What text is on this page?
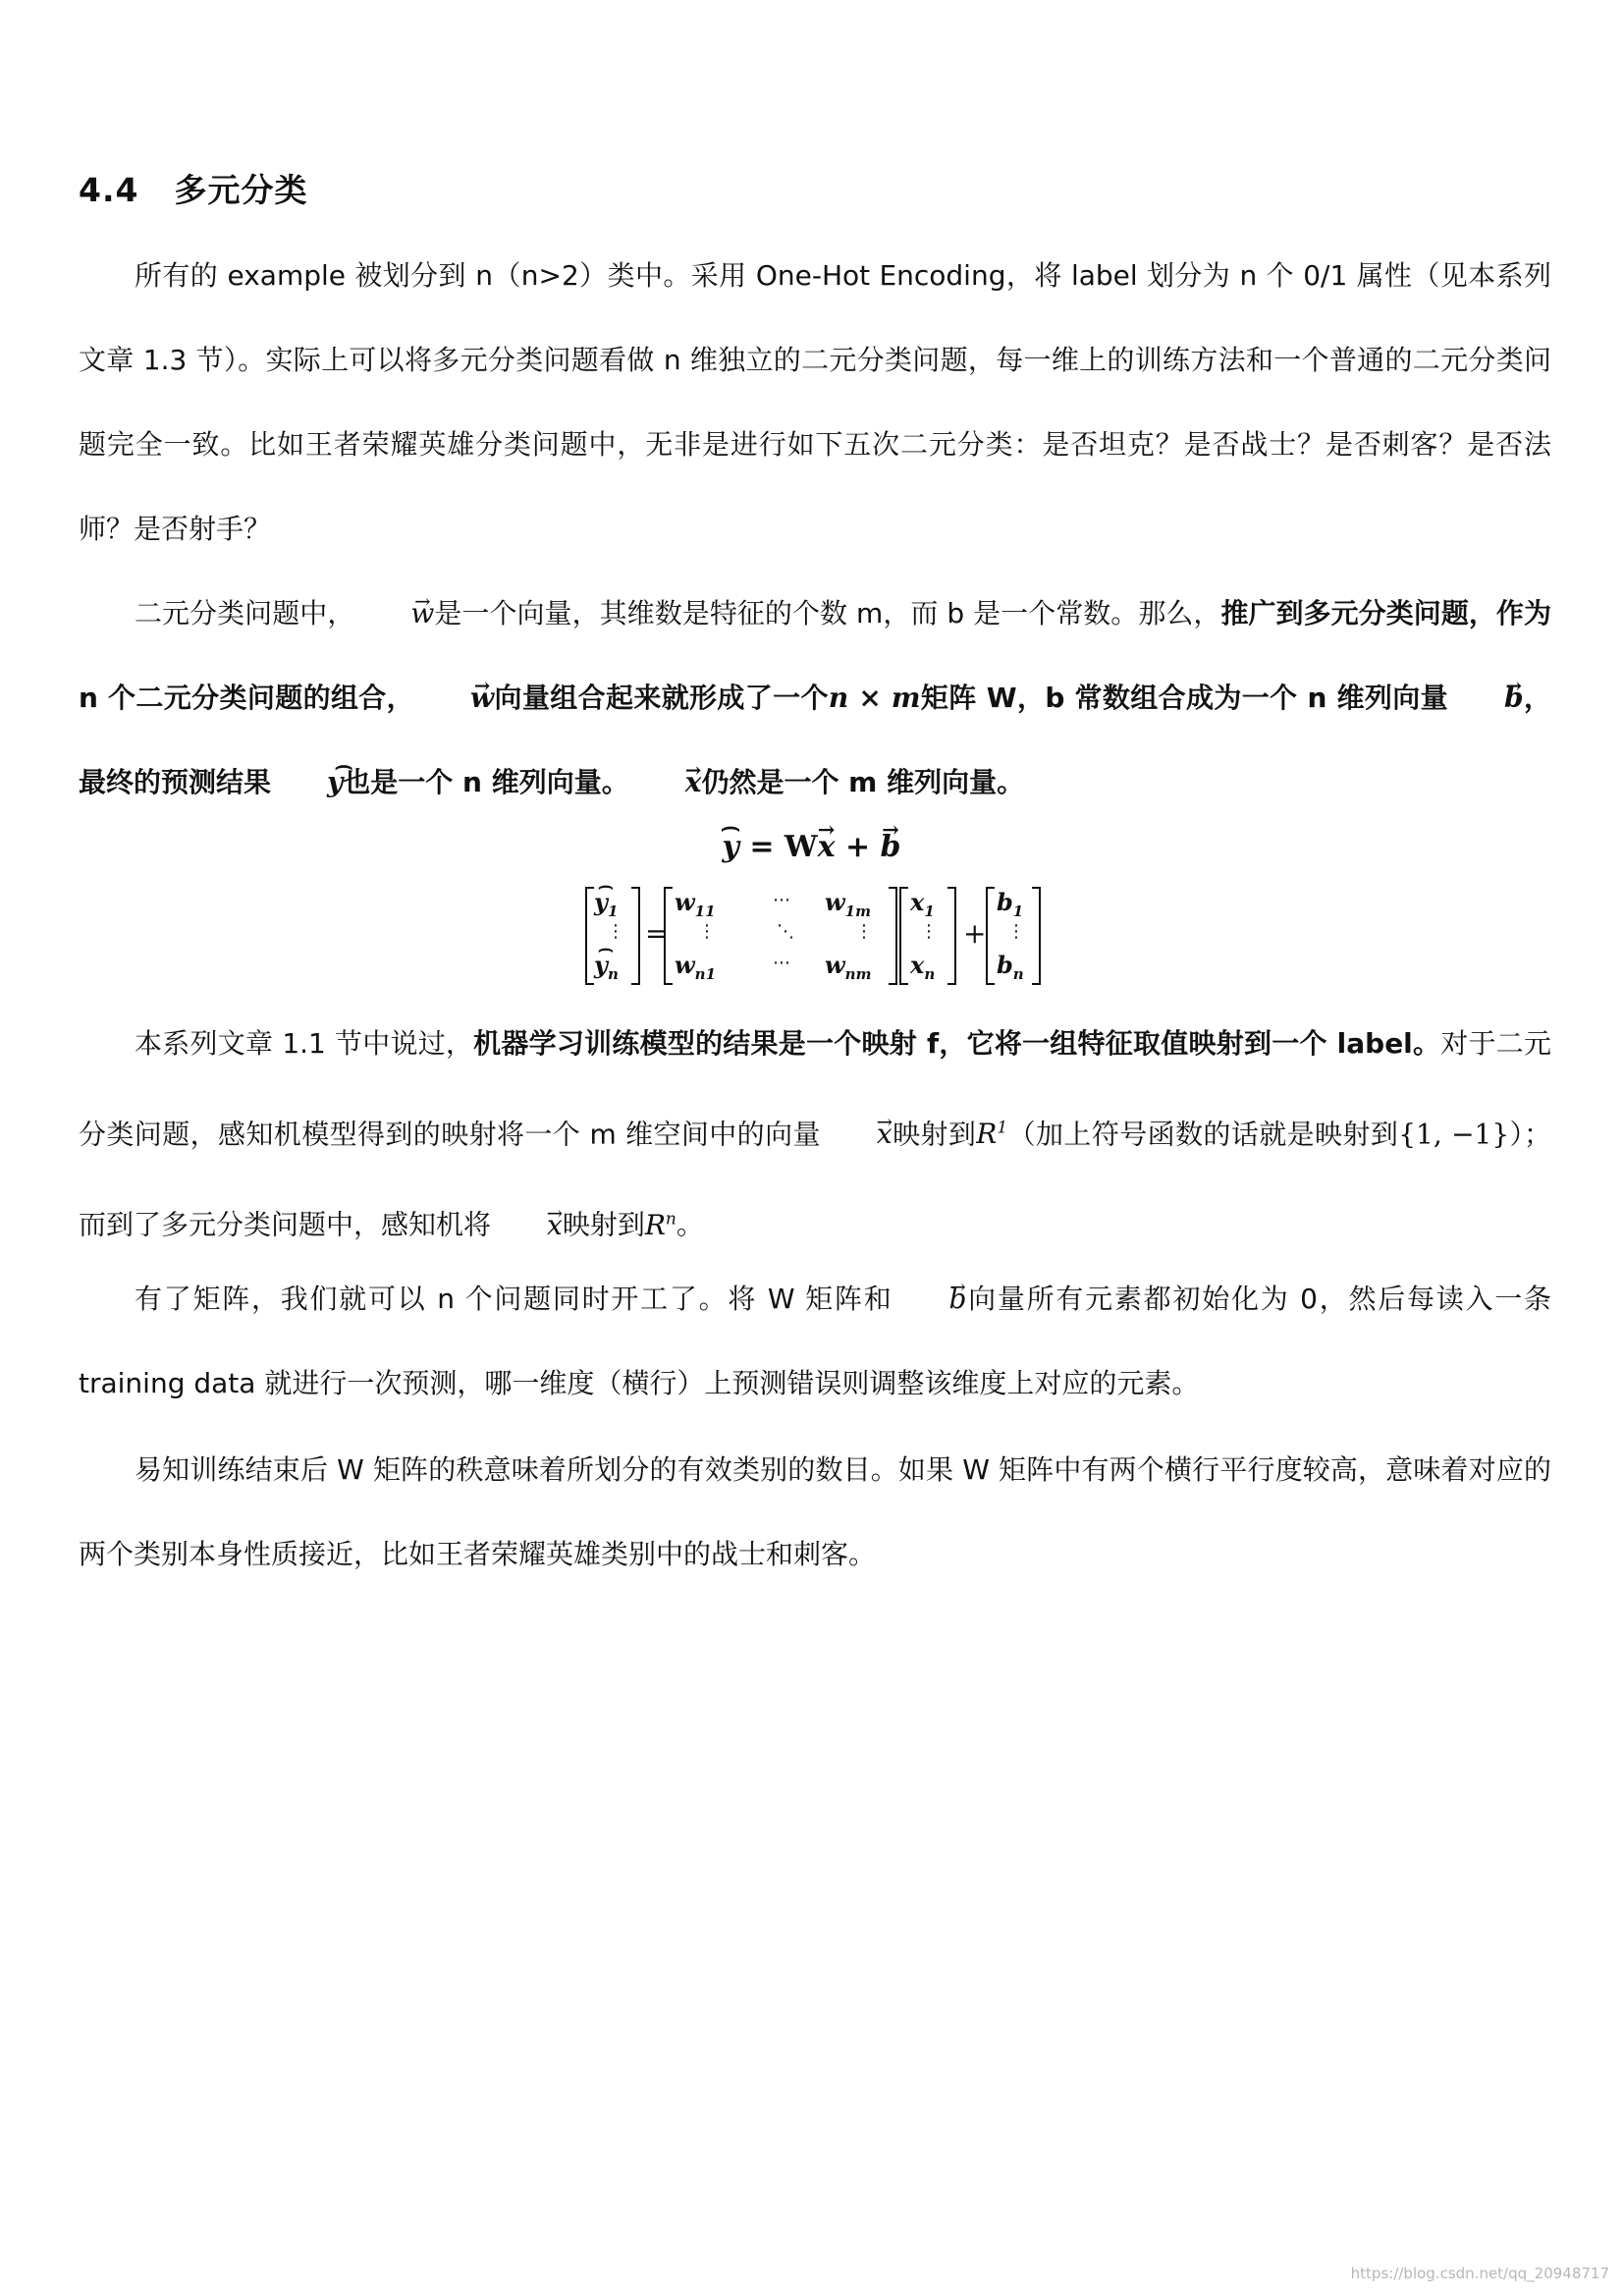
4.4 多元分类
所有的 example 被划分到 n（n>2）类中。采用 One-Hot Encoding，将 label 划分为 n 个 0/1 属性（见本系列文章 1.3 节）。实际上可以将多元分类问题看做 n 维独立的二元分类问题，每一维上的训练方法和一个普通的二元分类问题完全一致。比如王者荣耀英雄分类问题中，无非是进行如下五次二元分类：是否坦克？是否战士？是否刺客？是否法师？是否射手？
二元分类问题中， → w是一个向量，其维数是特征的个数 m，而 b 是一个常数。那么，推广到多元分类问题，作为 n 个二元分类问题的组合， → w向量组合起来就形成了一个n × m矩阵 W，b 常数组合成为一个 n 维列向量 → b，最终的预测结果 ⌢ y也是一个 n 维列向量。 → x仍然是一个 m 维列向量。
⌢ y = W→ x + → b
⌢ $y_1$
⋮
⌢ $y_n$
=
$w_{11}$
⋯ $w_{1m}$
⋮	⋱	⋮
$w_{n1}$
⋯ $w_{nm}$
$x_1$
⋮
$x_n$
+
$b_1$
⋮
$b_n$
本系列文章 1.1 节中说过，机器学习训练模型的结果是一个映射 f，它将一组特征取值映射到一个 label。对于二元分类问题，感知机模型得到的映射将一个 m 维空间中的向量 → x映射到$R^1$（加上符号函数的话就是映射到{1, −1}）；而到了多元分类问题中，感知机将 → x映射到$R^n$。
有了矩阵，我们就可以 n 个问题同时开工了。将 W 矩阵和 → b向量所有元素都初始化为 0，然后每读入一条 training data 就进行一次预测，哪一维度（横行）上预测错误则调整该维度上对应的元素。
易知训练结束后 W 矩阵的秩意味着所划分的有效类别的数目。如果 W 矩阵中有两个横行平行度较高，意味着对应的两个类别本身性质接近，比如王者荣耀英雄类别中的战士和刺客。
https://blog.csdn.net/qq_20948717
